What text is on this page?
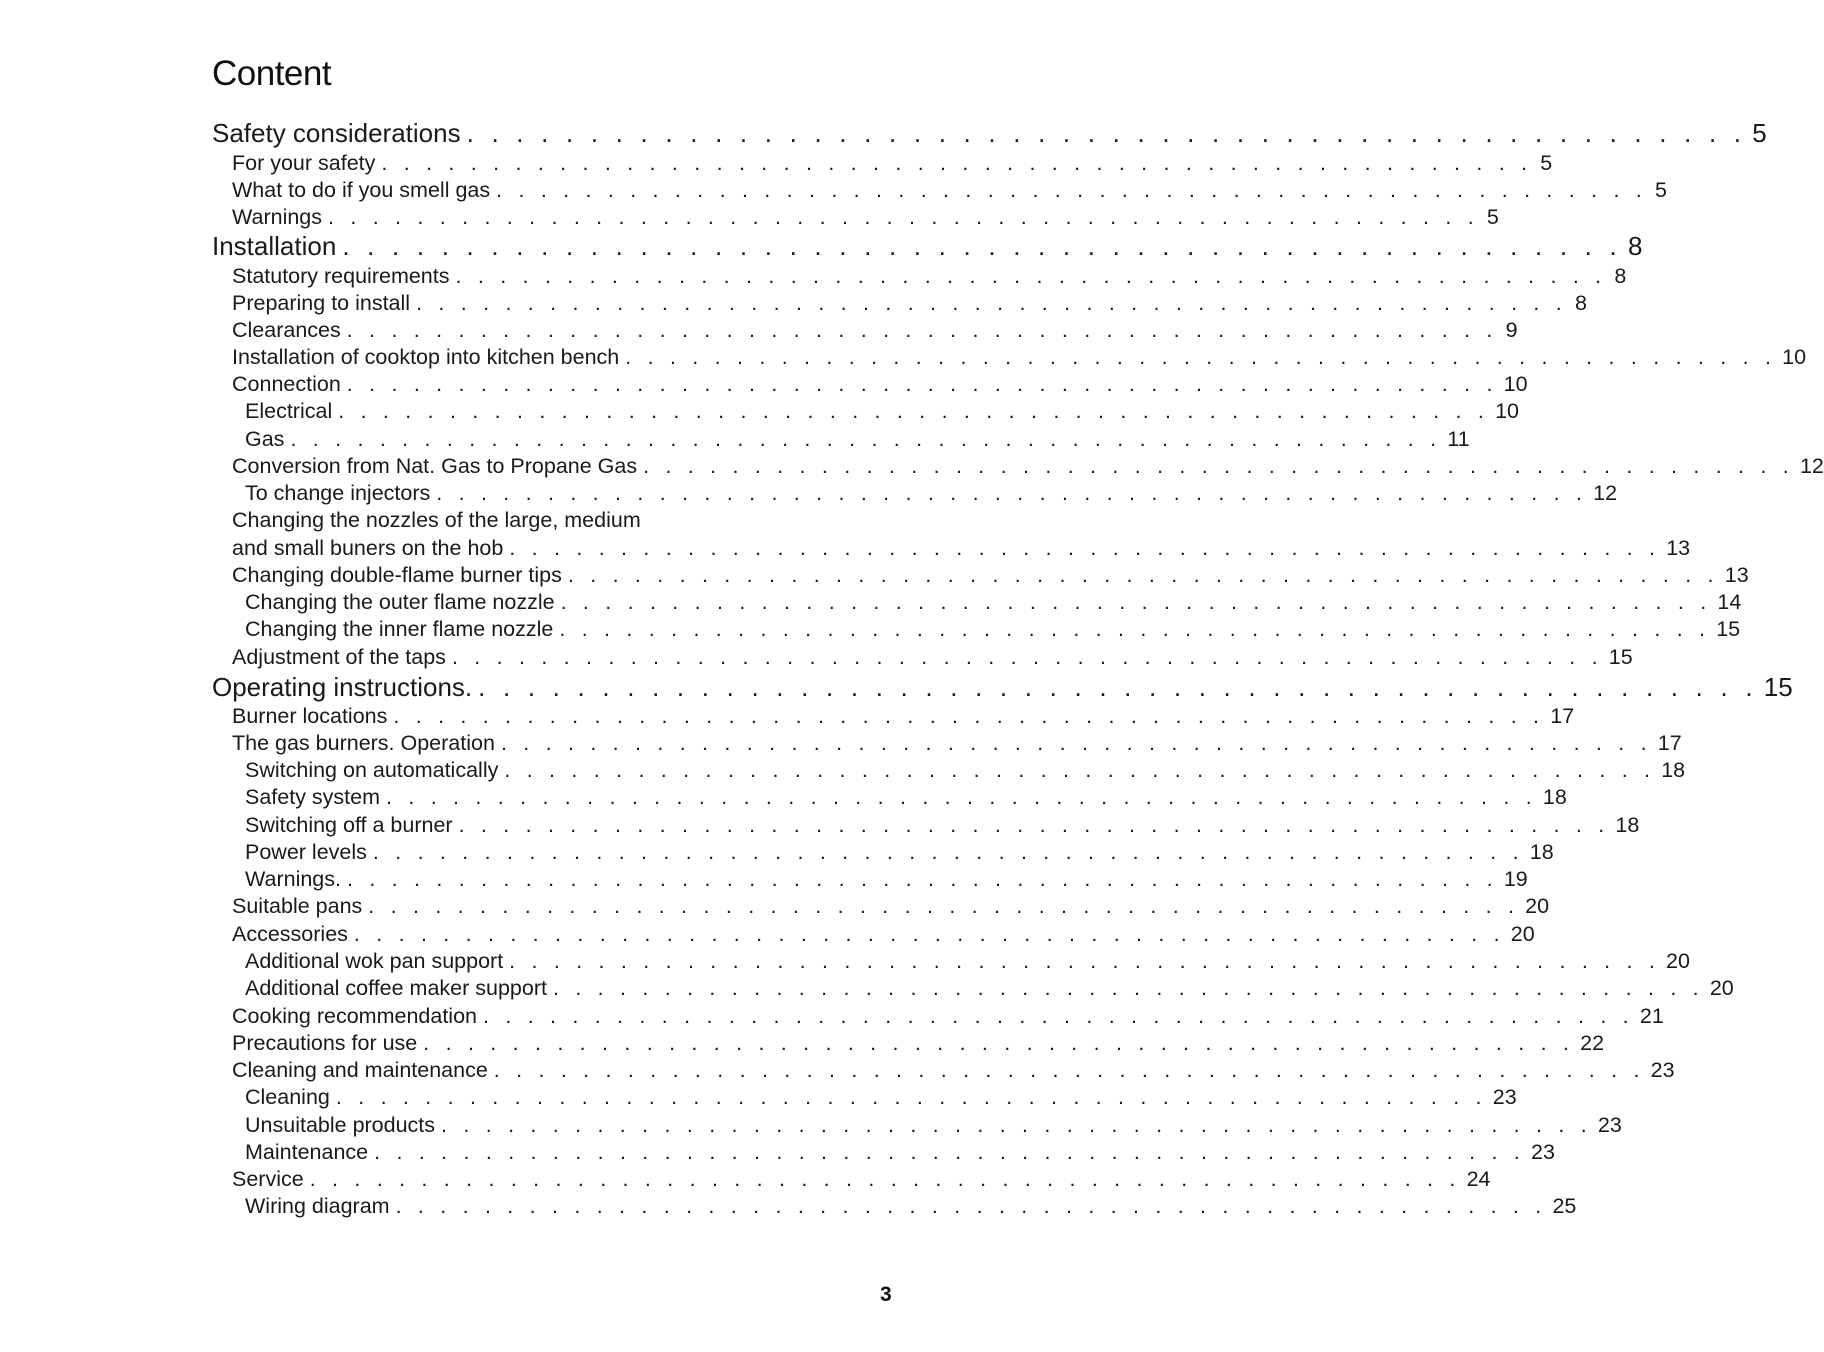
Content
Safety considerations . . . . . . . . . . . . . . . . . . . . . . . . . . . . . . . . . . . . . . . . . . . . . . . . . . . . 5
For your safety . . . . . . . . . . . . . . . . . . . . . . . . . . . . . . . . . . . . . . . . . . . . . . . . . . . . 5
What to do if you smell gas . . . . . . . . . . . . . . . . . . . . . . . . . . . . . . . . . . . . . . . . . . . . . . . . . . . . 5
Warnings . . . . . . . . . . . . . . . . . . . . . . . . . . . . . . . . . . . . . . . . . . . . . . . . . . . . 5
Installation . . . . . . . . . . . . . . . . . . . . . . . . . . . . . . . . . . . . . . . . . . . . . . . . . . . . 8
Statutory requirements . . . . . . . . . . . . . . . . . . . . . . . . . . . . . . . . . . . . . . . . . . . . . . . . . . . . 8
Preparing to install . . . . . . . . . . . . . . . . . . . . . . . . . . . . . . . . . . . . . . . . . . . . . . . . . . . . 8
Clearances . . . . . . . . . . . . . . . . . . . . . . . . . . . . . . . . . . . . . . . . . . . . . . . . . . . . 9
Installation of cooktop into kitchen bench . . . . . . . . . . . . . . . . . . . . . . . . . . . . . . . . . . . . . . . . . . . . . . . . . . . . 10
Connection . . . . . . . . . . . . . . . . . . . . . . . . . . . . . . . . . . . . . . . . . . . . . . . . . . . . 10
Electrical . . . . . . . . . . . . . . . . . . . . . . . . . . . . . . . . . . . . . . . . . . . . . . . . . . . . 10
Gas . . . . . . . . . . . . . . . . . . . . . . . . . . . . . . . . . . . . . . . . . . . . . . . . . . . . 11
Conversion from Nat. Gas to Propane Gas . . . . . . . . . . . . . . . . . . . . . . . . . . . . . . . . . . . . . . . . . . . . . . . . . . . . 12
To change injectors . . . . . . . . . . . . . . . . . . . . . . . . . . . . . . . . . . . . . . . . . . . . . . . . . . . . 12
Changing the nozzles of the large, medium
and small buners on the hob . . . . . . . . . . . . . . . . . . . . . . . . . . . . . . . . . . . . . . . . . . . . . . . . . . . . 13
Changing double-flame burner tips . . . . . . . . . . . . . . . . . . . . . . . . . . . . . . . . . . . . . . . . . . . . . . . . . . . . 13
Changing the outer flame nozzle . . . . . . . . . . . . . . . . . . . . . . . . . . . . . . . . . . . . . . . . . . . . . . . . . . . . 14
Changing the inner flame nozzle . . . . . . . . . . . . . . . . . . . . . . . . . . . . . . . . . . . . . . . . . . . . . . . . . . . . 15
Adjustment of the taps . . . . . . . . . . . . . . . . . . . . . . . . . . . . . . . . . . . . . . . . . . . . . . . . . . . . 15
Operating instructions. . . . . . . . . . . . . . . . . . . . . . . . . . . . . . . . . . . . . . . . . . . . . . . . . . . . . 15
Burner locations . . . . . . . . . . . . . . . . . . . . . . . . . . . . . . . . . . . . . . . . . . . . . . . . . . . . 17
The gas burners. Operation . . . . . . . . . . . . . . . . . . . . . . . . . . . . . . . . . . . . . . . . . . . . . . . . . . . . 17
Switching on automatically . . . . . . . . . . . . . . . . . . . . . . . . . . . . . . . . . . . . . . . . . . . . . . . . . . . . 18
Safety system . . . . . . . . . . . . . . . . . . . . . . . . . . . . . . . . . . . . . . . . . . . . . . . . . . . . 18
Switching off a burner . . . . . . . . . . . . . . . . . . . . . . . . . . . . . . . . . . . . . . . . . . . . . . . . . . . . 18
Power levels . . . . . . . . . . . . . . . . . . . . . . . . . . . . . . . . . . . . . . . . . . . . . . . . . . . . 18
Warnings. . . . . . . . . . . . . . . . . . . . . . . . . . . . . . . . . . . . . . . . . . . . . . . . . . . . . 19
Suitable pans . . . . . . . . . . . . . . . . . . . . . . . . . . . . . . . . . . . . . . . . . . . . . . . . . . . . 20
Accessories . . . . . . . . . . . . . . . . . . . . . . . . . . . . . . . . . . . . . . . . . . . . . . . . . . . . 20
Additional wok pan support . . . . . . . . . . . . . . . . . . . . . . . . . . . . . . . . . . . . . . . . . . . . . . . . . . . . 20
Additional coffee maker support . . . . . . . . . . . . . . . . . . . . . . . . . . . . . . . . . . . . . . . . . . . . . . . . . . . . 20
Cooking recommendation . . . . . . . . . . . . . . . . . . . . . . . . . . . . . . . . . . . . . . . . . . . . . . . . . . . . 21
Precautions for use . . . . . . . . . . . . . . . . . . . . . . . . . . . . . . . . . . . . . . . . . . . . . . . . . . . . 22
Cleaning and maintenance . . . . . . . . . . . . . . . . . . . . . . . . . . . . . . . . . . . . . . . . . . . . . . . . . . . . 23
Cleaning . . . . . . . . . . . . . . . . . . . . . . . . . . . . . . . . . . . . . . . . . . . . . . . . . . . . 23
Unsuitable products . . . . . . . . . . . . . . . . . . . . . . . . . . . . . . . . . . . . . . . . . . . . . . . . . . . . 23
Maintenance . . . . . . . . . . . . . . . . . . . . . . . . . . . . . . . . . . . . . . . . . . . . . . . . . . . . 23
Service . . . . . . . . . . . . . . . . . . . . . . . . . . . . . . . . . . . . . . . . . . . . . . . . . . . . 24
Wiring diagram . . . . . . . . . . . . . . . . . . . . . . . . . . . . . . . . . . . . . . . . . . . . . . . . . . . . 25
3
